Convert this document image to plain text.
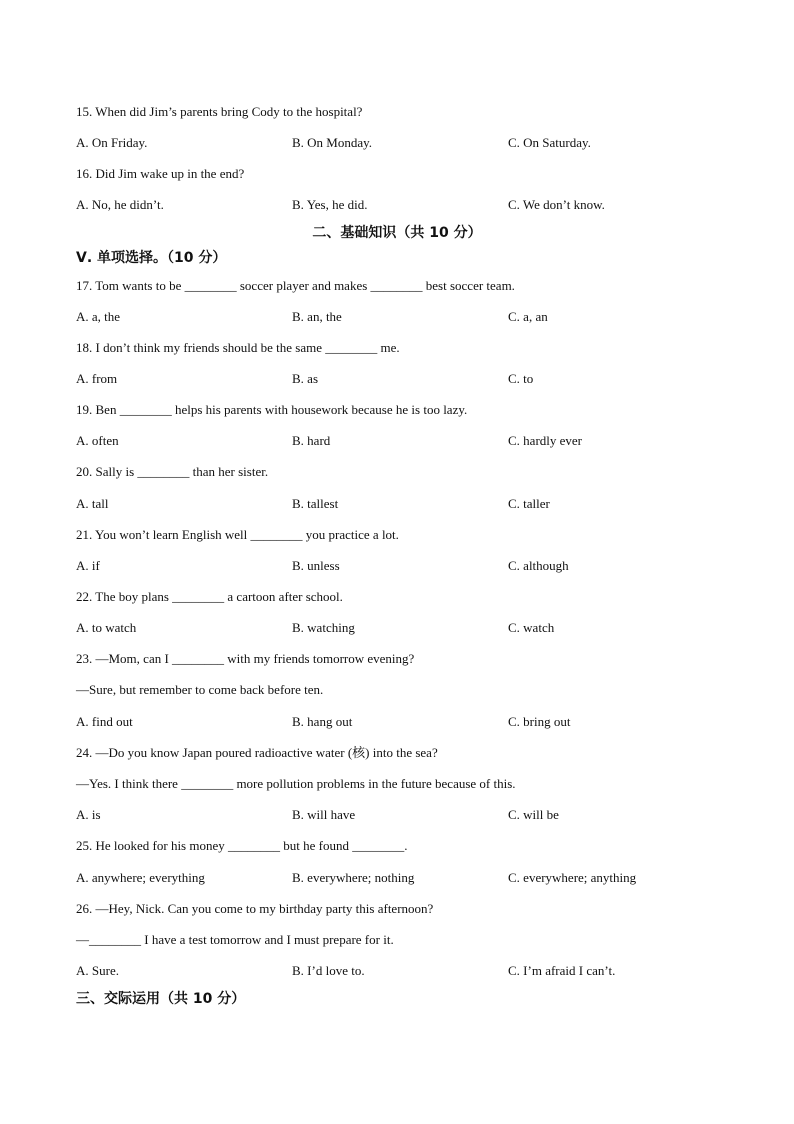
15. When did Jim’s parents bring Cody to the hospital?
A. On Friday.	B. On Monday.	C. On Saturday.
16. Did Jim wake up in the end?
A. No, he didn’t.	B. Yes, he did.	C. We don’t know.
二、基础知识（共 10 分）
Ⅴ. 单项选择。（10 分）
17. Tom wants to be ________ soccer player and makes ________ best soccer team.
A. a, the	B. an, the	C. a, an
18. I don’t think my friends should be the same ________ me.
A. from	B. as	C. to
19. Ben ________ helps his parents with housework because he is too lazy.
A. often	B. hard	C. hardly ever
20. Sally is ________ than her sister.
A. tall	B. tallest	C. taller
21. You won’t learn English well ________ you practice a lot.
A. if	B. unless	C. although
22. The boy plans ________ a cartoon after school.
A. to watch	B. watching	C. watch
23. —Mom, can I ________ with my friends tomorrow evening?
—Sure, but remember to come back before ten.
A. find out	B. hang out	C. bring out
24. —Do you know Japan poured radioactive water (核) into the sea?
—Yes. I think there ________ more pollution problems in the future because of this.
A. is	B. will have	C. will be
25. He looked for his money ________ but he found ________.
A. anywhere; everything	B. everywhere; nothing	C. everywhere; anything
26. —Hey, Nick. Can you come to my birthday party this afternoon?
—________ I have a test tomorrow and I must prepare for it.
A. Sure.	B. I’d love to.	C. I’m afraid I can’t.
三、交际运用（共 10 分）
